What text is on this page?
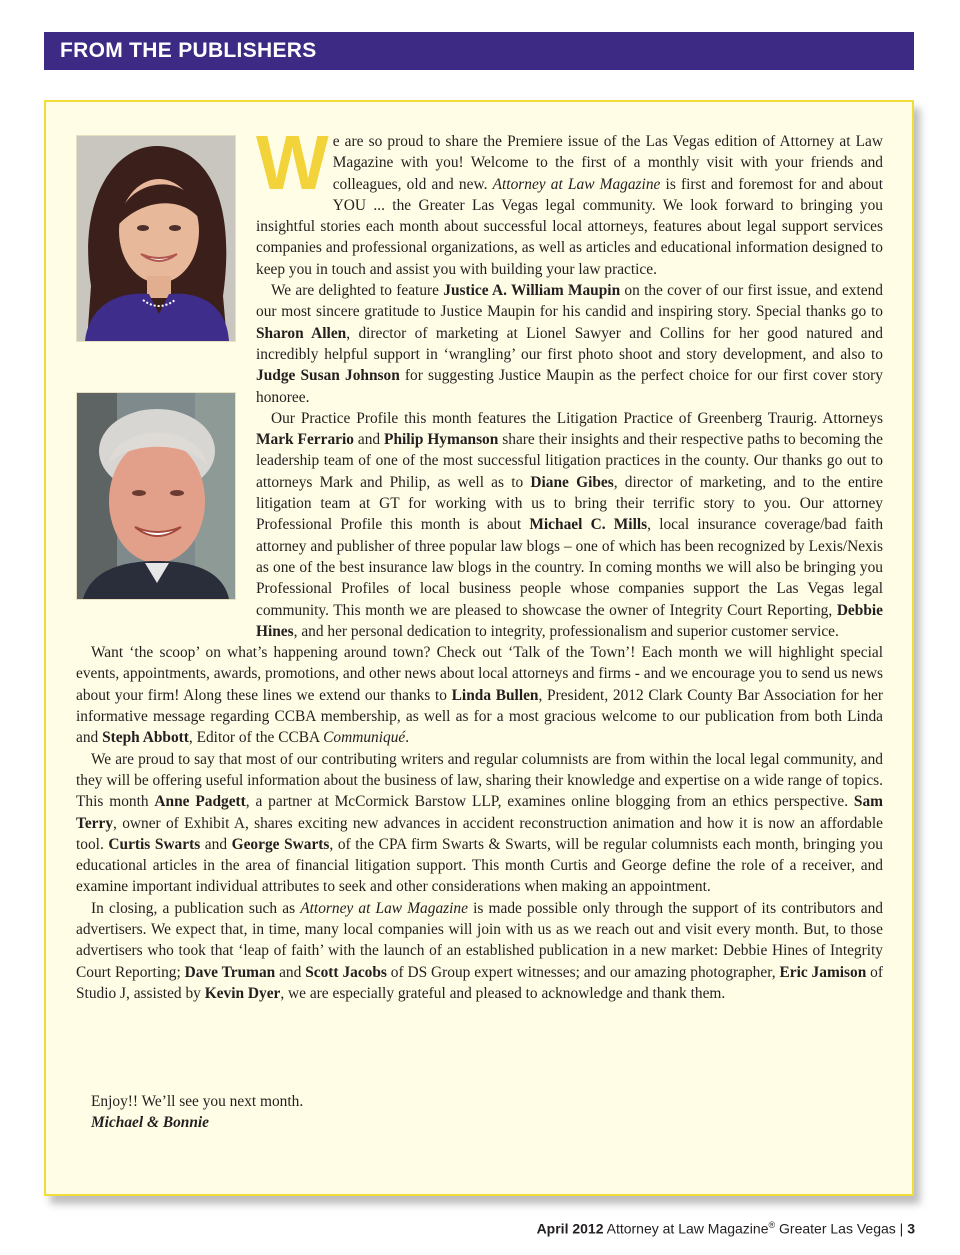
FROM THE PUBLISHERS

We are so proud to share the Premiere issue of the Las Vegas edition of Attorney at Law Magazine with you! Welcome to the first of a monthly visit with your friends and colleagues, old and new. Attorney at Law Magazine is first and foremost for and about YOU ... the Greater Las Vegas legal community. We look forward to bringing you insightful stories each month about successful local attorneys, features about legal support services companies and professional organizations, as well as articles and educational information designed to keep you in touch and assist you with building your law practice.

We are delighted to feature Justice A. William Maupin on the cover of our first issue, and extend our most sincere gratitude to Justice Maupin for his candid and inspiring story. Special thanks go to Sharon Allen, director of marketing at Lionel Sawyer and Collins for her good natured and incredibly helpful support in ‘wrangling’ our first photo shoot and story development, and also to Judge Susan Johnson for suggesting Justice Maupin as the perfect choice for our first cover story honoree.

Our Practice Profile this month features the Litigation Practice of Greenberg Traurig. Attorneys Mark Ferrario and Philip Hymanson share their insights and their respective paths to becoming the leadership team of one of the most successful litigation practices in the county. Our thanks go out to attorneys Mark and Philip, as well as to Diane Gibes, director of marketing, and to the entire litigation team at GT for working with us to bring their terrific story to you. Our attorney Professional Profile this month is about Michael C. Mills, local insurance coverage/bad faith attorney and publisher of three popular law blogs – one of which has been recognized by Lexis/Nexis as one of the best insurance law blogs in the country. In coming months we will also be bringing you Professional Profiles of local business people whose companies support the Las Vegas legal community. This month we are pleased to showcase the owner of Integrity Court Reporting, Debbie Hines, and her personal dedication to integrity, professionalism and superior customer service.

Want ‘the scoop’ on what’s happening around town? Check out ‘Talk of the Town’! Each month we will highlight special events, appointments, awards, promotions, and other news about local attorneys and firms - and we encourage you to send us news about your firm! Along these lines we extend our thanks to Linda Bullen, President, 2012 Clark County Bar Association for her informative message regarding CCBA membership, as well as for a most gracious welcome to our publication from both Linda and Steph Abbott, Editor of the CCBA Communiqué.

We are proud to say that most of our contributing writers and regular columnists are from within the local legal community, and they will be offering useful information about the business of law, sharing their knowledge and expertise on a wide range of topics. This month Anne Padgett, a partner at McCormick Barstow LLP, examines online blogging from an ethics perspective. Sam Terry, owner of Exhibit A, shares exciting new advances in accident reconstruction animation and how it is now an affordable tool. Curtis Swarts and George Swarts, of the CPA firm Swarts & Swarts, will be regular columnists each month, bringing you educational articles in the area of financial litigation support. This month Curtis and George define the role of a receiver, and examine important individual attributes to seek and other considerations when making an appointment.

In closing, a publication such as Attorney at Law Magazine is made possible only through the support of its contributors and advertisers. We expect that, in time, many local companies will join with us as we reach out and visit every month. But, to those advertisers who took that ‘leap of faith’ with the launch of an established publication in a new market: Debbie Hines of Integrity Court Reporting; Dave Truman and Scott Jacobs of DS Group expert witnesses; and our amazing photographer, Eric Jamison of Studio J, assisted by Kevin Dyer, we are especially grateful and pleased to acknowledge and thank them.

Enjoy!! We’ll see you next month.
Michael & Bonnie
April 2012 Attorney at Law Magazine® Greater Las Vegas | 3
